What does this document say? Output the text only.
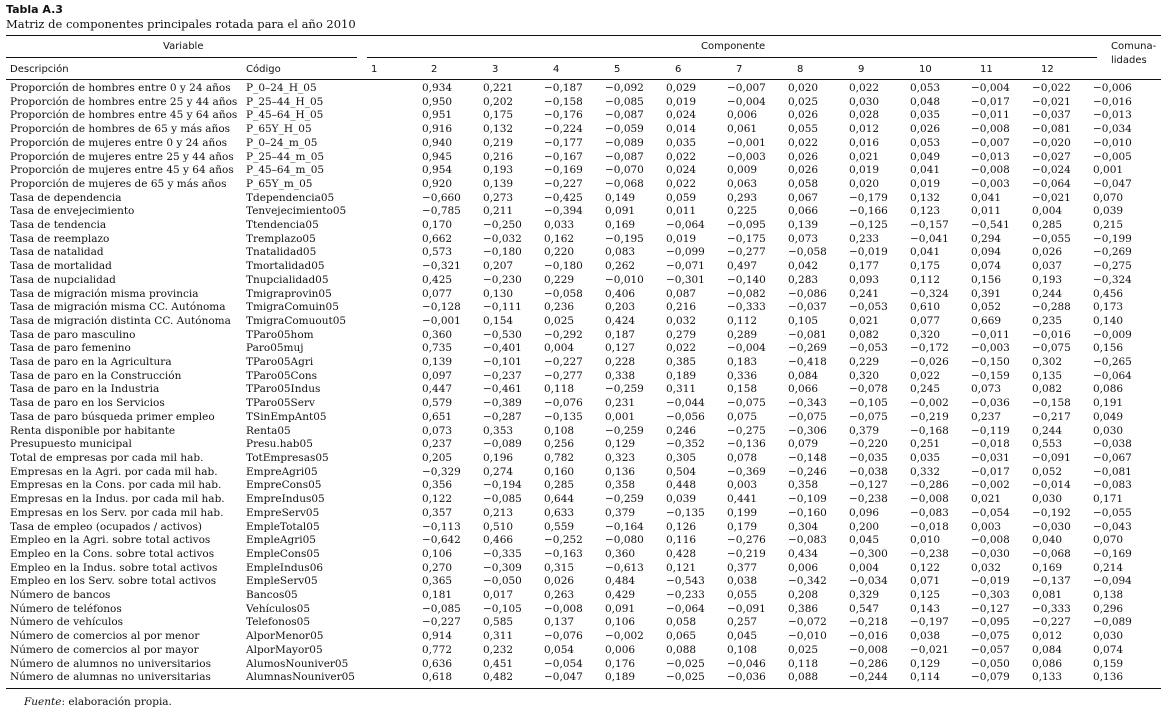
Tabla A.3
Matriz de componentes principales rotada para el año 2010
Variable
Descripción	Código
Componente
1	2	3	4	5	6	7	8	9	10	11	12
Comuna-
lidades
Proporción de hombres entre 0 y 24 años	P_0–24_H_05		0,934	0,221	−0,187	−0,092	0,029	−0,007	0,020	0,022	0,053	−0,004	−0,022	−0,006	
Proporción de hombres entre 25 y 44 años	P_25–44_H_05		0,950	0,202	−0,158	−0,085	0,019	−0,004	0,025	0,030	0,048	−0,017	−0,021	−0,016	
Proporción de hombres entre 45 y 64 años	P_45–64_H_05		0,951	0,175	−0,176	−0,087	0,024	0,006	0,026	0,028	0,035	−0,011	−0,037	−0,013	
Proporción de hombres de 65 y más años	P_65Y_H_05		0,916	0,132	−0,224	−0,059	0,014	0,061	0,055	0,012	0,026	−0,008	−0,081	−0,034	
Proporción de mujeres entre 0 y 24 años	P_0–24_m_05		0,940	0,219	−0,177	−0,089	0,035	−0,001	0,022	0,016	0,053	−0,007	−0,020	−0,010	
Proporción de mujeres entre 25 y 44 años	P_25–44_m_05		0,945	0,216	−0,167	−0,087	0,022	−0,003	0,026	0,021	0,049	−0,013	−0,027	−0,005	
Proporción de mujeres entre 45 y 64 años	P_45–64_m_05		0,954	0,193	−0,169	−0,070	0,024	0,009	0,026	0,019	0,041	−0,008	−0,024	0,001	
Proporción de mujeres de 65 y más años	P_65Y_m_05		0,920	0,139	−0,227	−0,068	0,022	0,063	0,058	0,020	0,019	−0,003	−0,064	−0,047	
Tasa de dependencia	Tdependencia05		−0,660	0,273	−0,425	0,149	0,059	0,293	0,067	−0,179	0,132	0,041	−0,021	0,070	
Tasa de envejecimiento	Tenvejecimiento05		−0,785	0,211	−0,394	0,091	0,011	0,225	0,066	−0,166	0,123	0,011	0,004	0,039	
Tasa de tendencia	Ttendencia05		0,170	−0,250	0,033	0,169	−0,064	−0,095	0,139	−0,125	−0,157	−0,541	0,285	0,215	
Tasa de reemplazo	Tremplazo05		0,662	−0,032	0,162	−0,195	0,019	−0,175	0,073	0,233	−0,041	0,294	−0,055	−0,199	
Tasa de natalidad	Tnatalidad05		0,573	−0,180	0,220	0,083	−0,099	−0,277	−0,058	−0,019	0,041	0,094	0,026	−0,269	
Tasa de mortalidad	Tmortalidad05		−0,321	0,207	−0,180	0,262	−0,071	0,497	0,042	0,177	0,175	0,074	0,037	−0,275	
Tasa de nupcialidad	Tnupcialidad05		0,425	−0,230	0,229	−0,010	−0,301	−0,140	0,283	0,093	0,112	0,156	0,193	−0,324	
Tasa de migración misma provincia	Tmigraprovin05		0,077	0,130	−0,058	0,406	0,087	−0,082	−0,086	0,241	−0,324	0,391	0,244	0,456	
Tasa de migración misma CC. Autónoma	TmigraComuin05		−0,128	−0,111	0,236	0,203	0,216	−0,333	−0,037	−0,053	0,610	0,052	−0,288	0,173	
Tasa de migración distinta CC. Autónoma	TmigraComuout05		−0,001	0,154	0,025	0,424	0,032	0,112	0,105	0,021	0,077	0,669	0,235	0,140	
Tasa de paro masculino	TParo05hom		0,360	−0,530	−0,292	0,187	0,279	0,289	−0,081	0,082	0,320	−0,011	−0,016	−0,009	
Tasa de paro femenino	Paro05muj		0,735	−0,401	0,004	0,127	0,022	−0,004	−0,269	−0,053	−0,172	−0,003	−0,075	0,156	
Tasa de paro en la Agricultura	TParo05Agri		0,139	−0,101	−0,227	0,228	0,385	0,183	−0,418	0,229	−0,026	−0,150	0,302	−0,265	
Tasa de paro en la Construcción	TParo05Cons		0,097	−0,237	−0,277	0,338	0,189	0,336	0,084	0,320	0,022	−0,159	0,135	−0,064	
Tasa de paro en la Industria	TParo05Indus		0,447	−0,461	0,118	−0,259	0,311	0,158	0,066	−0,078	0,245	0,073	0,082	0,086	
Tasa de paro en los Servicios	TParo05Serv		0,579	−0,389	−0,076	0,231	−0,044	−0,075	−0,343	−0,105	−0,002	−0,036	−0,158	0,191	
Tasa de paro búsqueda primer empleo	TSinEmpAnt05		0,651	−0,287	−0,135	0,001	−0,056	0,075	−0,075	−0,075	−0,219	0,237	−0,217	0,049	
Renta disponible por habitante	Renta05		0,073	0,353	0,108	−0,259	0,246	−0,275	−0,306	0,379	−0,168	−0,119	0,244	0,030	
Presupuesto municipal	Presu.hab05		0,237	−0,089	0,256	0,129	−0,352	−0,136	0,079	−0,220	0,251	−0,018	0,553	−0,038	
Total de empresas por cada mil hab.	TotEmpresas05		0,205	0,196	0,782	0,323	0,305	0,078	−0,148	−0,035	0,035	−0,031	−0,091	−0,067	
Empresas en la Agri. por cada mil hab.	EmpreAgri05		−0,329	0,274	0,160	0,136	0,504	−0,369	−0,246	−0,038	0,332	−0,017	0,052	−0,081	
Empresas en la Cons. por cada mil hab.	EmpreCons05		0,356	−0,194	0,285	0,358	0,448	0,003	0,358	−0,127	−0,286	−0,002	−0,014	−0,083	
Empresas en la Indus. por cada mil hab.	EmpreIndus05		0,122	−0,085	0,644	−0,259	0,039	0,441	−0,109	−0,238	−0,008	0,021	0,030	0,171	
Empresas en los Serv. por cada mil hab.	EmpreServ05		0,357	0,213	0,633	0,379	−0,135	0,199	−0,160	0,096	−0,083	−0,054	−0,192	−0,055	
Tasa de empleo (ocupados / activos)	EmpleTotal05		−0,113	0,510	0,559	−0,164	0,126	0,179	0,304	0,200	−0,018	0,003	−0,030	−0,043	
Empleo en la Agri. sobre total activos	EmpleAgri05		−0,642	0,466	−0,252	−0,080	0,116	−0,276	−0,083	0,045	0,010	−0,008	0,040	0,070	
Empleo en la Cons. sobre total activos	EmpleCons05		0,106	−0,335	−0,163	0,360	0,428	−0,219	0,434	−0,300	−0,238	−0,030	−0,068	−0,169	
Empleo en la Indus. sobre total activos	EmpleIndus06		0,270	−0,309	0,315	−0,613	0,121	0,377	0,006	0,004	0,122	0,032	0,169	0,214	
Empleo en los Serv. sobre total activos	EmpleServ05		0,365	−0,050	0,026	0,484	−0,543	0,038	−0,342	−0,034	0,071	−0,019	−0,137	−0,094	
Número de bancos	Bancos05		0,181	0,017	0,263	0,429	−0,233	0,055	0,208	0,329	0,125	−0,303	0,081	0,138	
Número de teléfonos	Vehículos05		−0,085	−0,105	−0,008	0,091	−0,064	−0,091	0,386	0,547	0,143	−0,127	−0,333	0,296	
Número de vehículos	Telefonos05		−0,227	0,585	0,137	0,106	0,058	0,257	−0,072	−0,218	−0,197	−0,095	−0,227	−0,089	
Número de comercios al por menor	AlporMenor05		0,914	0,311	−0,076	−0,002	0,065	0,045	−0,010	−0,016	0,038	−0,075	0,012	0,030	
Número de comercios al por mayor	AlporMayor05		0,772	0,232	0,054	0,006	0,088	0,108	0,025	−0,008	−0,021	−0,057	0,084	0,074	
Número de alumnos no universitarios	AlumosNouniver05		0,636	0,451	−0,054	0,176	−0,025	−0,046	0,118	−0,286	0,129	−0,050	0,086	0,159	
Número de alumnas no universitarias	AlumnasNouniver05		0,618	0,482	−0,047	0,189	−0,025	−0,036	0,088	−0,244	0,114	−0,079	0,133	0,136	
Fuente: elaboración propia.
